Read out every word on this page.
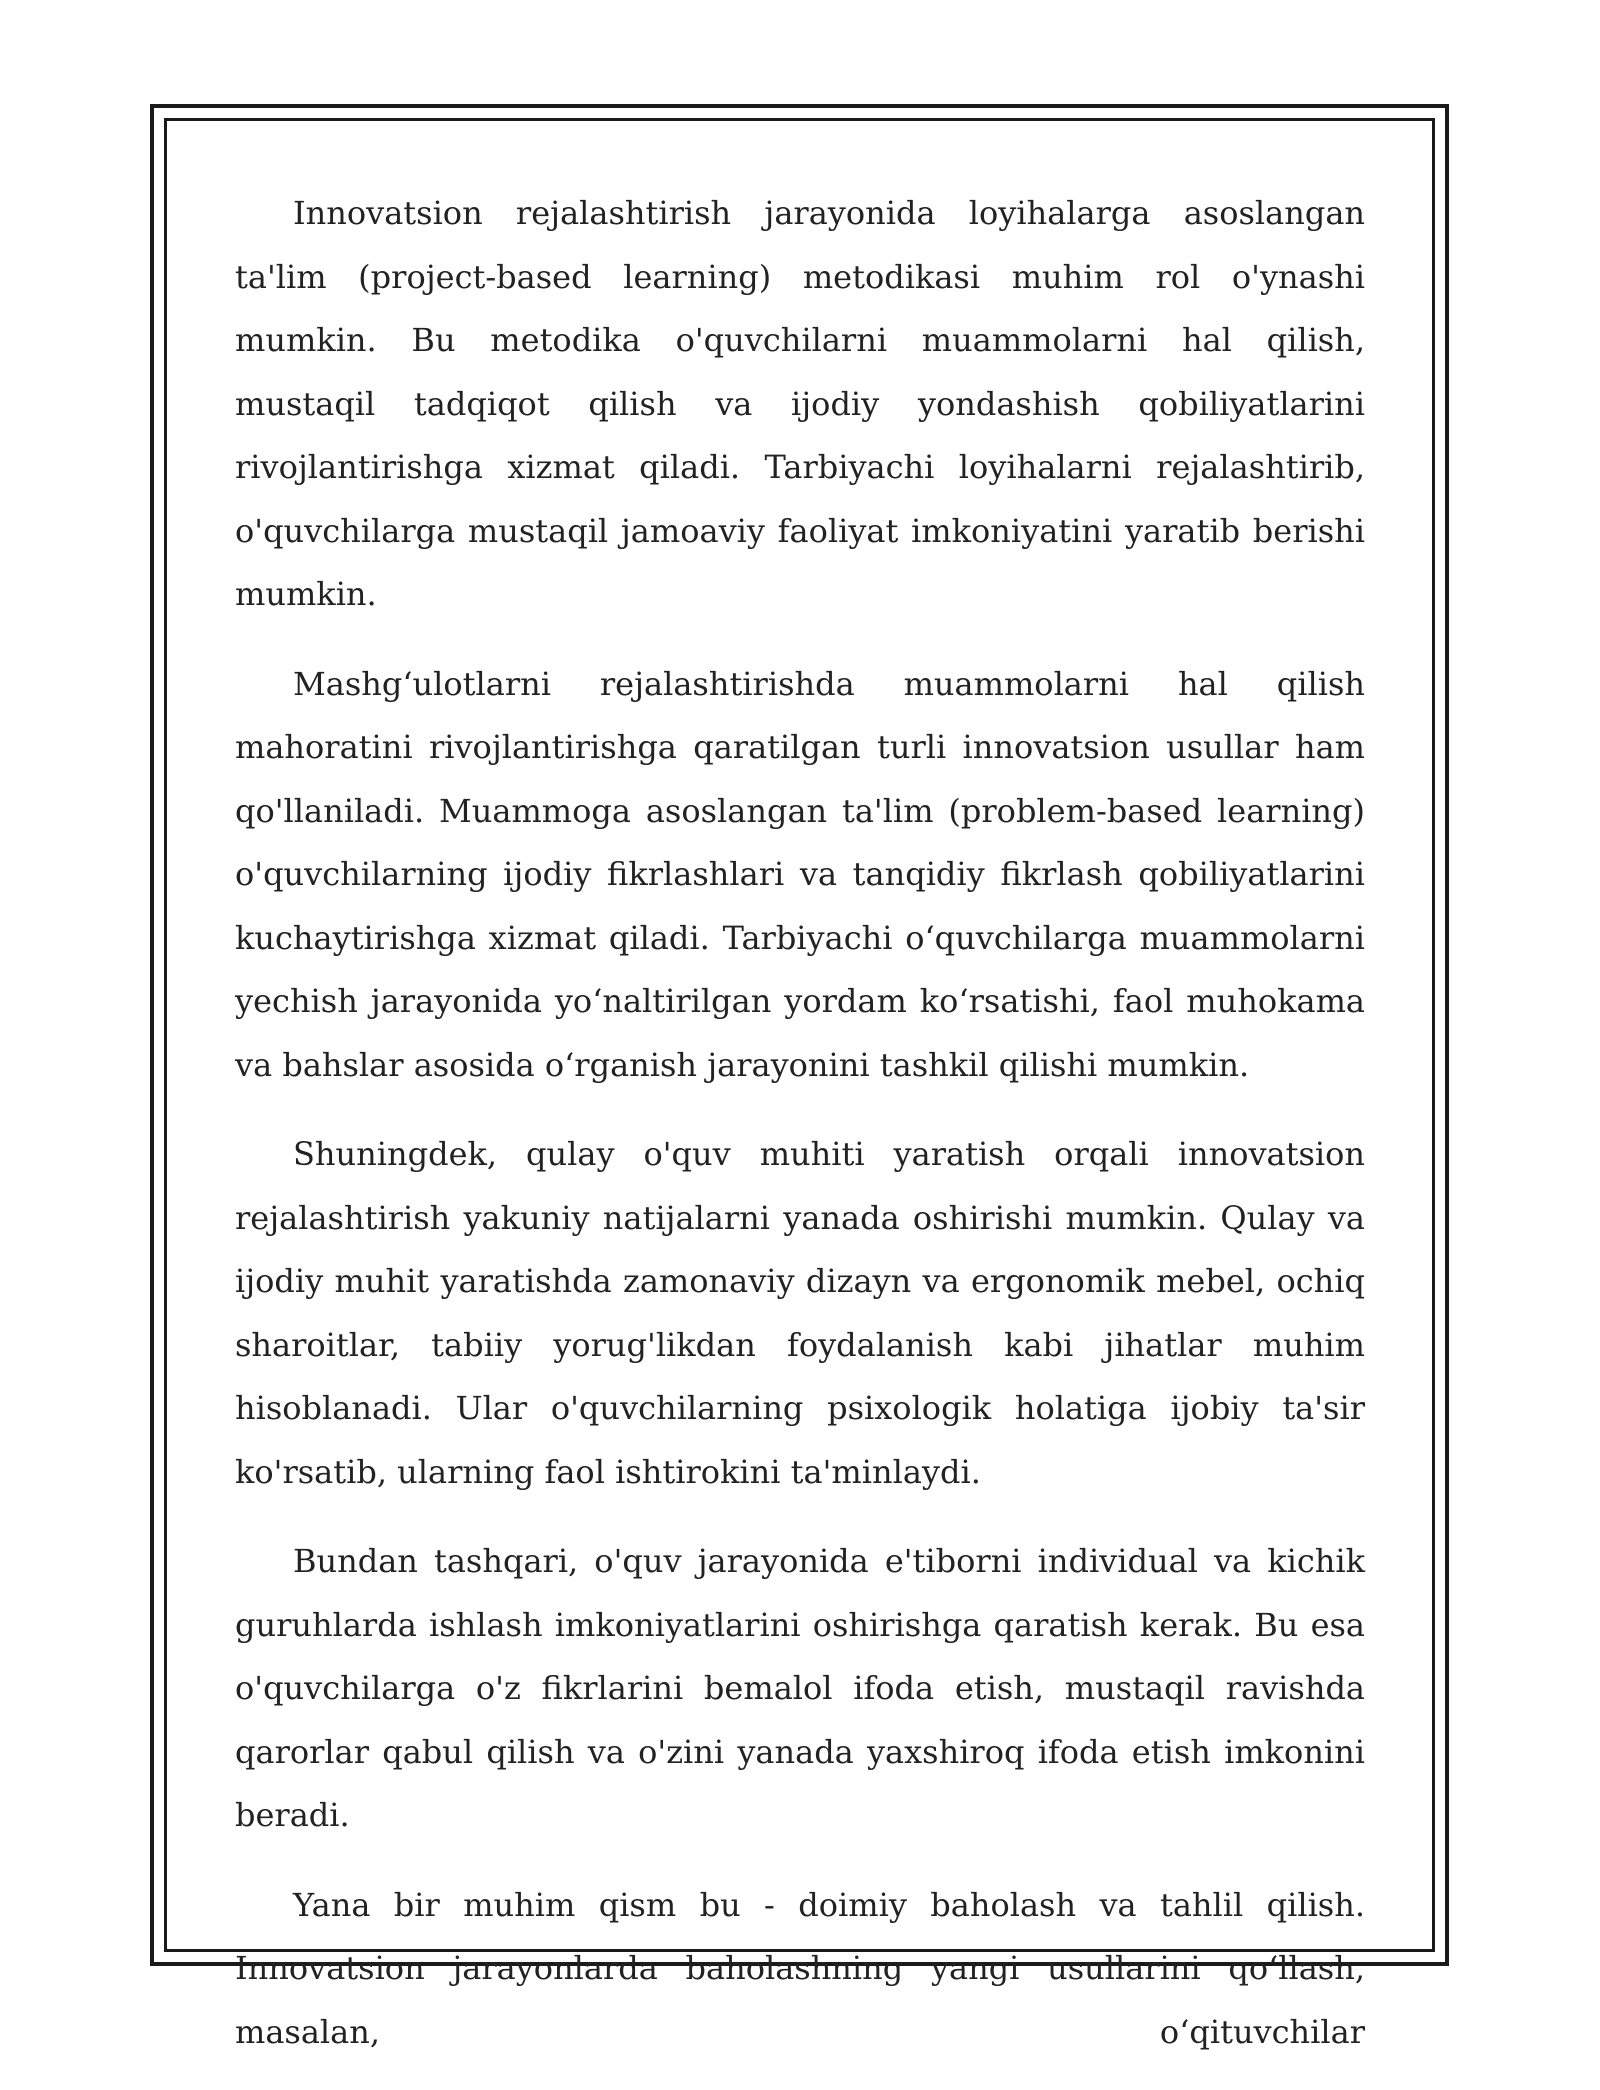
Innovatsion rejalashtirish jarayonida loyihalarga asoslangan ta'lim (project-based learning) metodikasi muhim rol o'ynashi mumkin. Bu metodika o'quvchilarni muammolarni hal qilish, mustaqil tadqiqot qilish va ijodiy yondashish qobiliyatlarini rivojlantirishga xizmat qiladi. Tarbiyachi loyihalarni rejalashtirib, o'quvchilarga mustaqil jamoaviy faoliyat imkoniyatini yaratib berishi mumkin.

Mashg‘ulotlarni rejalashtirishda muammolarni hal qilish mahoratini rivojlantirishga qaratilgan turli innovatsion usullar ham qo'llaniladi. Muammoga asoslangan ta'lim (problem-based learning) o'quvchilarning ijodiy fikrlashlari va tanqidiy fikrlash qobiliyatlarini kuchaytirishga xizmat qiladi. Tarbiyachi o‘quvchilarga muammolarni yechish jarayonida yo‘naltirilgan yordam ko‘rsatishi, faol muhokama va bahslar asosida o‘rganish jarayonini tashkil qilishi mumkin.

Shuningdek, qulay o'quv muhiti yaratish orqali innovatsion rejalashtirish yakuniy natijalarni yanada oshirishi mumkin. Qulay va ijodiy muhit yaratishda zamonaviy dizayn va ergonomik mebel, ochiq sharoitlar, tabiiy yorug'likdan foydalanish kabi jihatlar muhim hisoblanadi. Ular o'quvchilarning psixologik holatiga ijobiy ta'sir ko'rsatib, ularning faol ishtirokini ta'minlaydi.

Bundan tashqari, o'quv jarayonida e'tiborni individual va kichik guruhlarda ishlash imkoniyatlarini oshirishga qaratish kerak. Bu esa o'quvchilarga o'z fikrlarini bemalol ifoda etish, mustaqil ravishda qarorlar qabul qilish va o'zini yanada yaxshiroq ifoda etish imkonini beradi.

Yana bir muhim qism bu - doimiy baholash va tahlil qilish. Innovatsion jarayonlarda baholashning yangi usullarini qo‘llash, masalan, o‘qituvchilar
